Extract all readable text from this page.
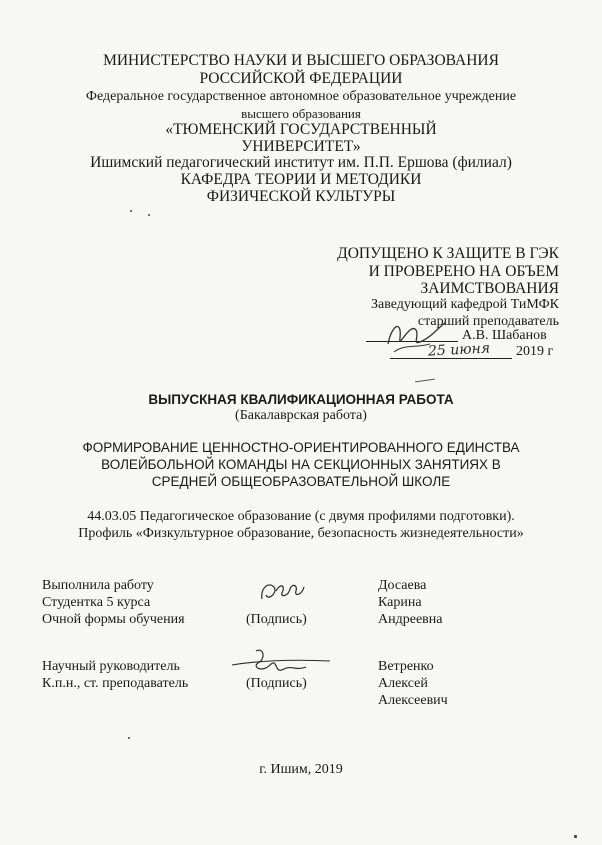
МИНИСТЕРСТВО НАУКИ И ВЫСШЕГО ОБРАЗОВАНИЯ
РОССИЙСКОЙ ФЕДЕРАЦИИ
Федеральное государственное автономное образовательное учреждение
высшего образования
«ТЮМЕНСКИЙ ГОСУДАРСТВЕННЫЙ
УНИВЕРСИТЕТ»
Ишимский педагогический институт им. П.П. Ершова (филиал)
КАФЕДРА ТЕОРИИ И МЕТОДИКИ
ФИЗИЧЕСКОЙ КУЛЬТУРЫ
ДОПУЩЕНО К ЗАЩИТЕ В ГЭК
И ПРОВЕРЕНО НА ОБЪЕМ
ЗАИМСТВОВАНИЯ
Заведующий кафедрой ТиМФК
старший преподаватель
А.В. Шабанов
25 июня 2019 г
ВЫПУСКНАЯ КВАЛИФИКАЦИОННАЯ РАБОТА
(Бакалаврская работа)
ФОРМИРОВАНИЕ ЦЕННОСТНО-ОРИЕНТИРОВАННОГО ЕДИНСТВА
ВОЛЕЙБОЛЬНОЙ КОМАНДЫ НА СЕКЦИОННЫХ ЗАНЯТИЯХ В
СРЕДНЕЙ ОБЩЕОБРАЗОВАТЕЛЬНОЙ ШКОЛЕ
44.03.05 Педагогическое образование (с двумя профилями подготовки).
Профиль «Физкультурное образование, безопасность жизнедеятельности»
Выполнила работу
Студентка 5 курса
Очной формы обучения	(Подпись)
Досаева
Карина
Андреевна
Научный руководитель
К.п.н., ст. преподаватель	(Подпись)
Ветренко
Алексей
Алексеевич
г. Ишим, 2019
